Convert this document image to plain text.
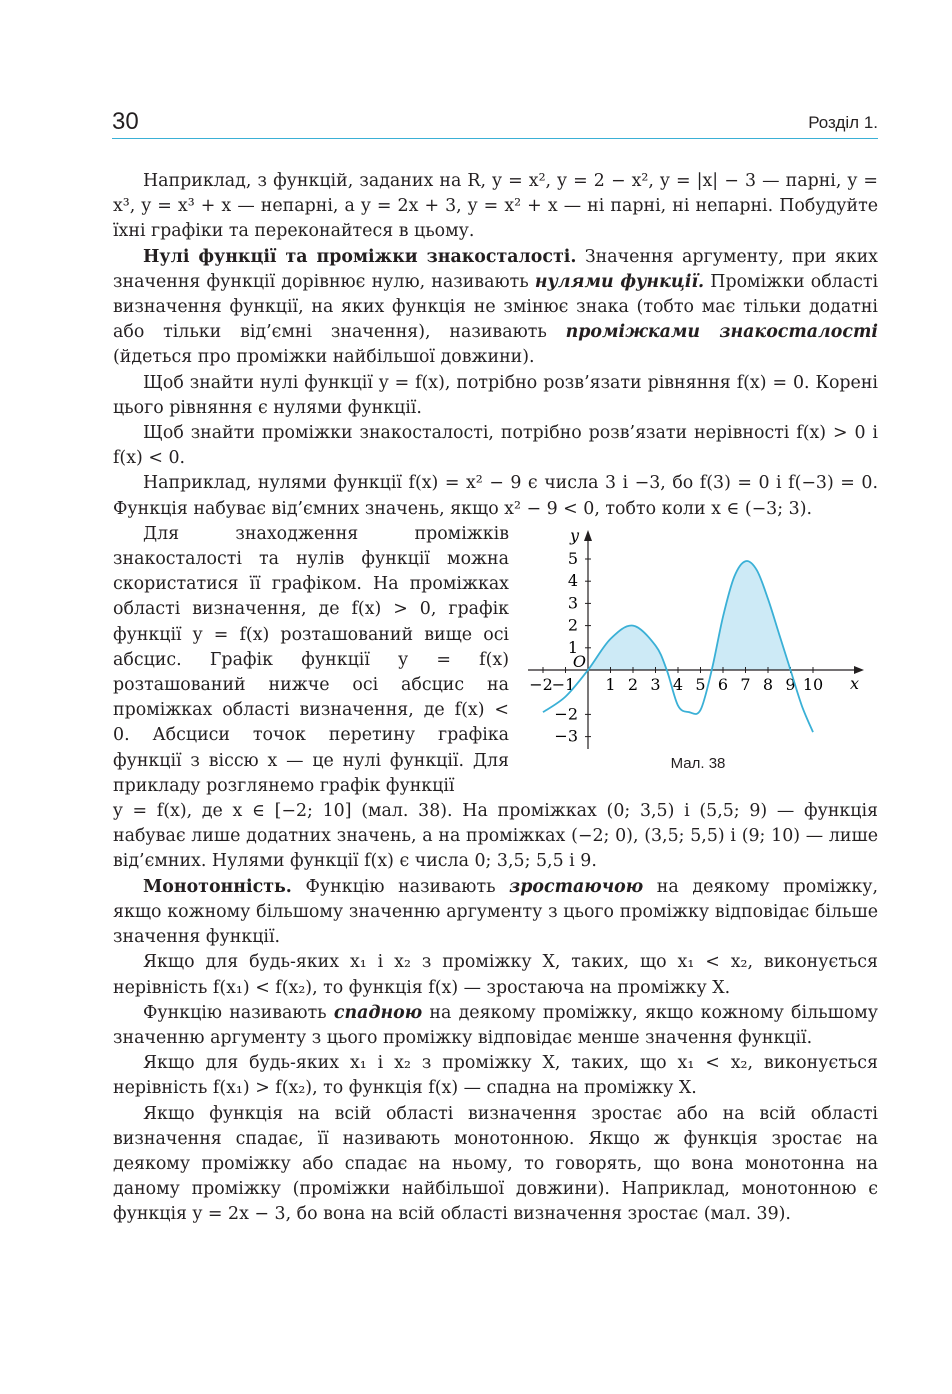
30	Розділ 1.

Наприклад, з функцій, заданих на R, y = x², y = 2 − x², y = |x| − 3 — парні, y = x³, y = x³ + x — непарні, а y = 2x + 3, y = x² + x — ні парні, ні непарні. Побудуйте їхні графіки та переконайтеся в цьому.

Нулі функції та проміжки знакосталості. Значення аргументу, при яких значення функції дорівнює нулю, називають нулями функції. Проміжки області визначення функції, на яких функція не змінює знака (тобто має тільки додатні або тільки від’ємні значення), називають проміжками знакосталості (йдеться про проміжки найбільшої довжини).

Щоб знайти нулі функції y = f(x), потрібно розв’язати рівняння f(x) = 0. Корені цього рівняння є нулями функції.

Щоб знайти проміжки знакосталості, потрібно розв’язати нерівності f(x) > 0 і f(x) < 0.

Наприклад, нулями функції f(x) = x² − 9 є числа 3 і −3, бо f(3) = 0 і f(−3) = 0. Функція набуває від’ємних значень, якщо x² − 9 < 0, тобто коли x ∈ (−3; 3).

Для знаходження проміжків знакосталості та нулів функції можна скористатися її графіком. На проміжках області визначення, де f(x) > 0, графік функції y = f(x) розташований вище осі абсцис. Графік функції y = f(x) розташований нижче осі абсцис на проміжках області визначення, де f(x) < 0. Абсциси точок перетину графіка функції з віссю x — це нулі функції. Для прикладу розглянемо графік функції

−2
−1 1 2 3 4 5 6 7 8 9 10
−3
−2
1
2
3
4
5
O
x
y
Мал. 38

y = f(x), де x ∈ [−2; 10] (мал. 38). На проміжках (0; 3,5) і (5,5; 9) — функція набуває лише додатних значень, а на проміжках (−2; 0), (3,5; 5,5) і (9; 10) — лише від’ємних. Нулями функції f(x) є числа 0; 3,5; 5,5 і 9.

Монотонність. Функцію називають зростаючою на деякому проміжку, якщо кожному більшому значенню аргументу з цього проміжку відповідає більше значення функції.

Якщо для будь-яких x₁ і x₂ з проміжку X, таких, що x₁ < x₂, виконується нерівність f(x₁) < f(x₂), то функція f(x) — зростаюча на проміжку X.

Функцію називають спадною на деякому проміжку, якщо кожному більшому значенню аргументу з цього проміжку відповідає менше значення функції.

Якщо для будь-яких x₁ і x₂ з проміжку X, таких, що x₁ < x₂, виконується нерівність f(x₁) > f(x₂), то функція f(x) — спадна на проміжку X.

Якщо функція на всій області визначення зростає або на всій області визначення спадає, її називають монотонною. Якщо ж функція зростає на деякому проміжку або спадає на ньому, то говорять, що вона монотонна на даному проміжку (проміжки найбільшої довжини). Наприклад, монотонною є функція y = 2x − 3, бо вона на всій області визначення зростає (мал. 39).
